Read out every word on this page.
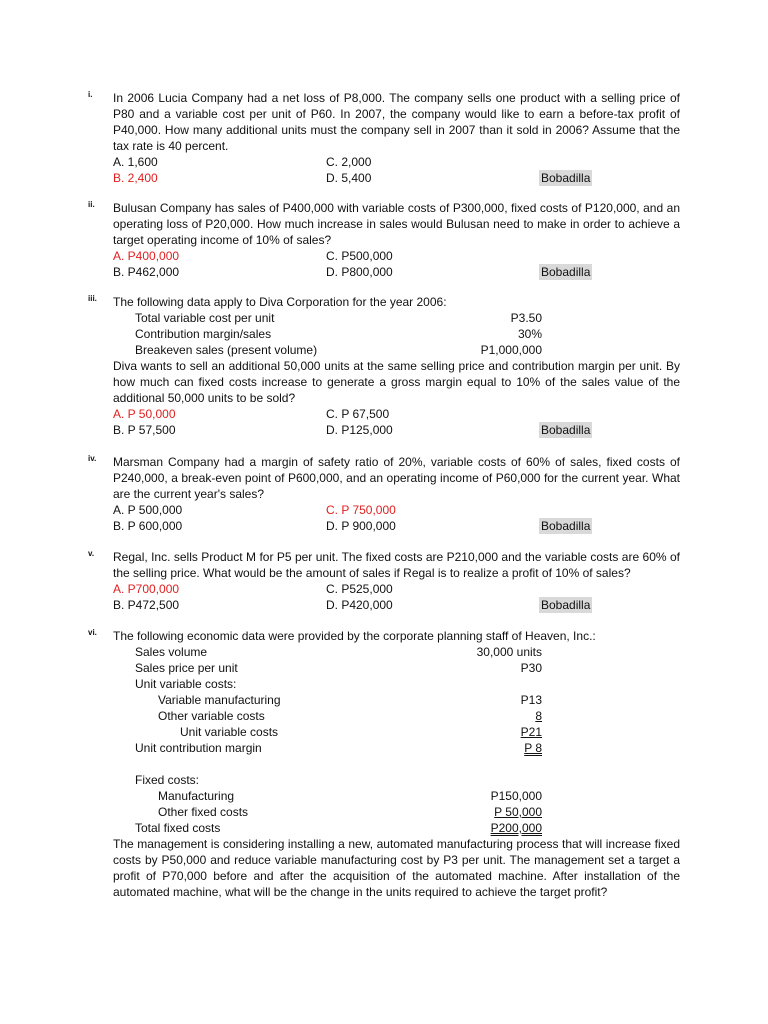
i. In 2006 Lucia Company had a net loss of P8,000. The company sells one product with a selling price of P80 and a variable cost per unit of P60. In 2007, the company would like to earn a before-tax profit of P40,000. How many additional units must the company sell in 2007 than it sold in 2006? Assume that the tax rate is 40 percent.
A. 1,600
B. 2,400
C. 2,000
D. 5,400	Bobadilla
ii. Bulusan Company has sales of P400,000 with variable costs of P300,000, fixed costs of P120,000, and an operating loss of P20,000. How much increase in sales would Bulusan need to make in order to achieve a target operating income of 10% of sales?
A. P400,000
B. P462,000
C. P500,000
D. P800,000	Bobadilla
iii. The following data apply to Diva Corporation for the year 2006:
Total variable cost per unit	P3.50
Contribution margin/sales	30%
Breakeven sales (present volume)	P1,000,000
Diva wants to sell an additional 50,000 units at the same selling price and contribution margin per unit. By how much can fixed costs increase to generate a gross margin equal to 10% of the sales value of the additional 50,000 units to be sold?
A. P 50,000
B. P 57,500
C. P 67,500
D. P125,000	Bobadilla
iv. Marsman Company had a margin of safety ratio of 20%, variable costs of 60% of sales, fixed costs of P240,000, a break-even point of P600,000, and an operating income of P60,000 for the current year. What are the current year's sales?
A. P 500,000
B. P 600,000
C. P 750,000
D. P 900,000	Bobadilla
v. Regal, Inc. sells Product M for P5 per unit. The fixed costs are P210,000 and the variable costs are 60% of the selling price. What would be the amount of sales if Regal is to realize a profit of 10% of sales?
A. P700,000
B. P472,500
C. P525,000
D. P420,000	Bobadilla
vi. The following economic data were provided by the corporate planning staff of Heaven, Inc.:
Sales volume	30,000 units
Sales price per unit	P30
Unit variable costs:
Variable manufacturing	P13
Other variable costs	8
Unit variable costs	P21
Unit contribution margin	P 8
Fixed costs:
Manufacturing	P150,000
Other fixed costs	P 50,000
Total fixed costs	P200,000
The management is considering installing a new, automated manufacturing process that will increase fixed costs by P50,000 and reduce variable manufacturing cost by P3 per unit. The management set a target a profit of P70,000 before and after the acquisition of the automated machine. After installation of the automated machine, what will be the change in the units required to achieve the target profit?
